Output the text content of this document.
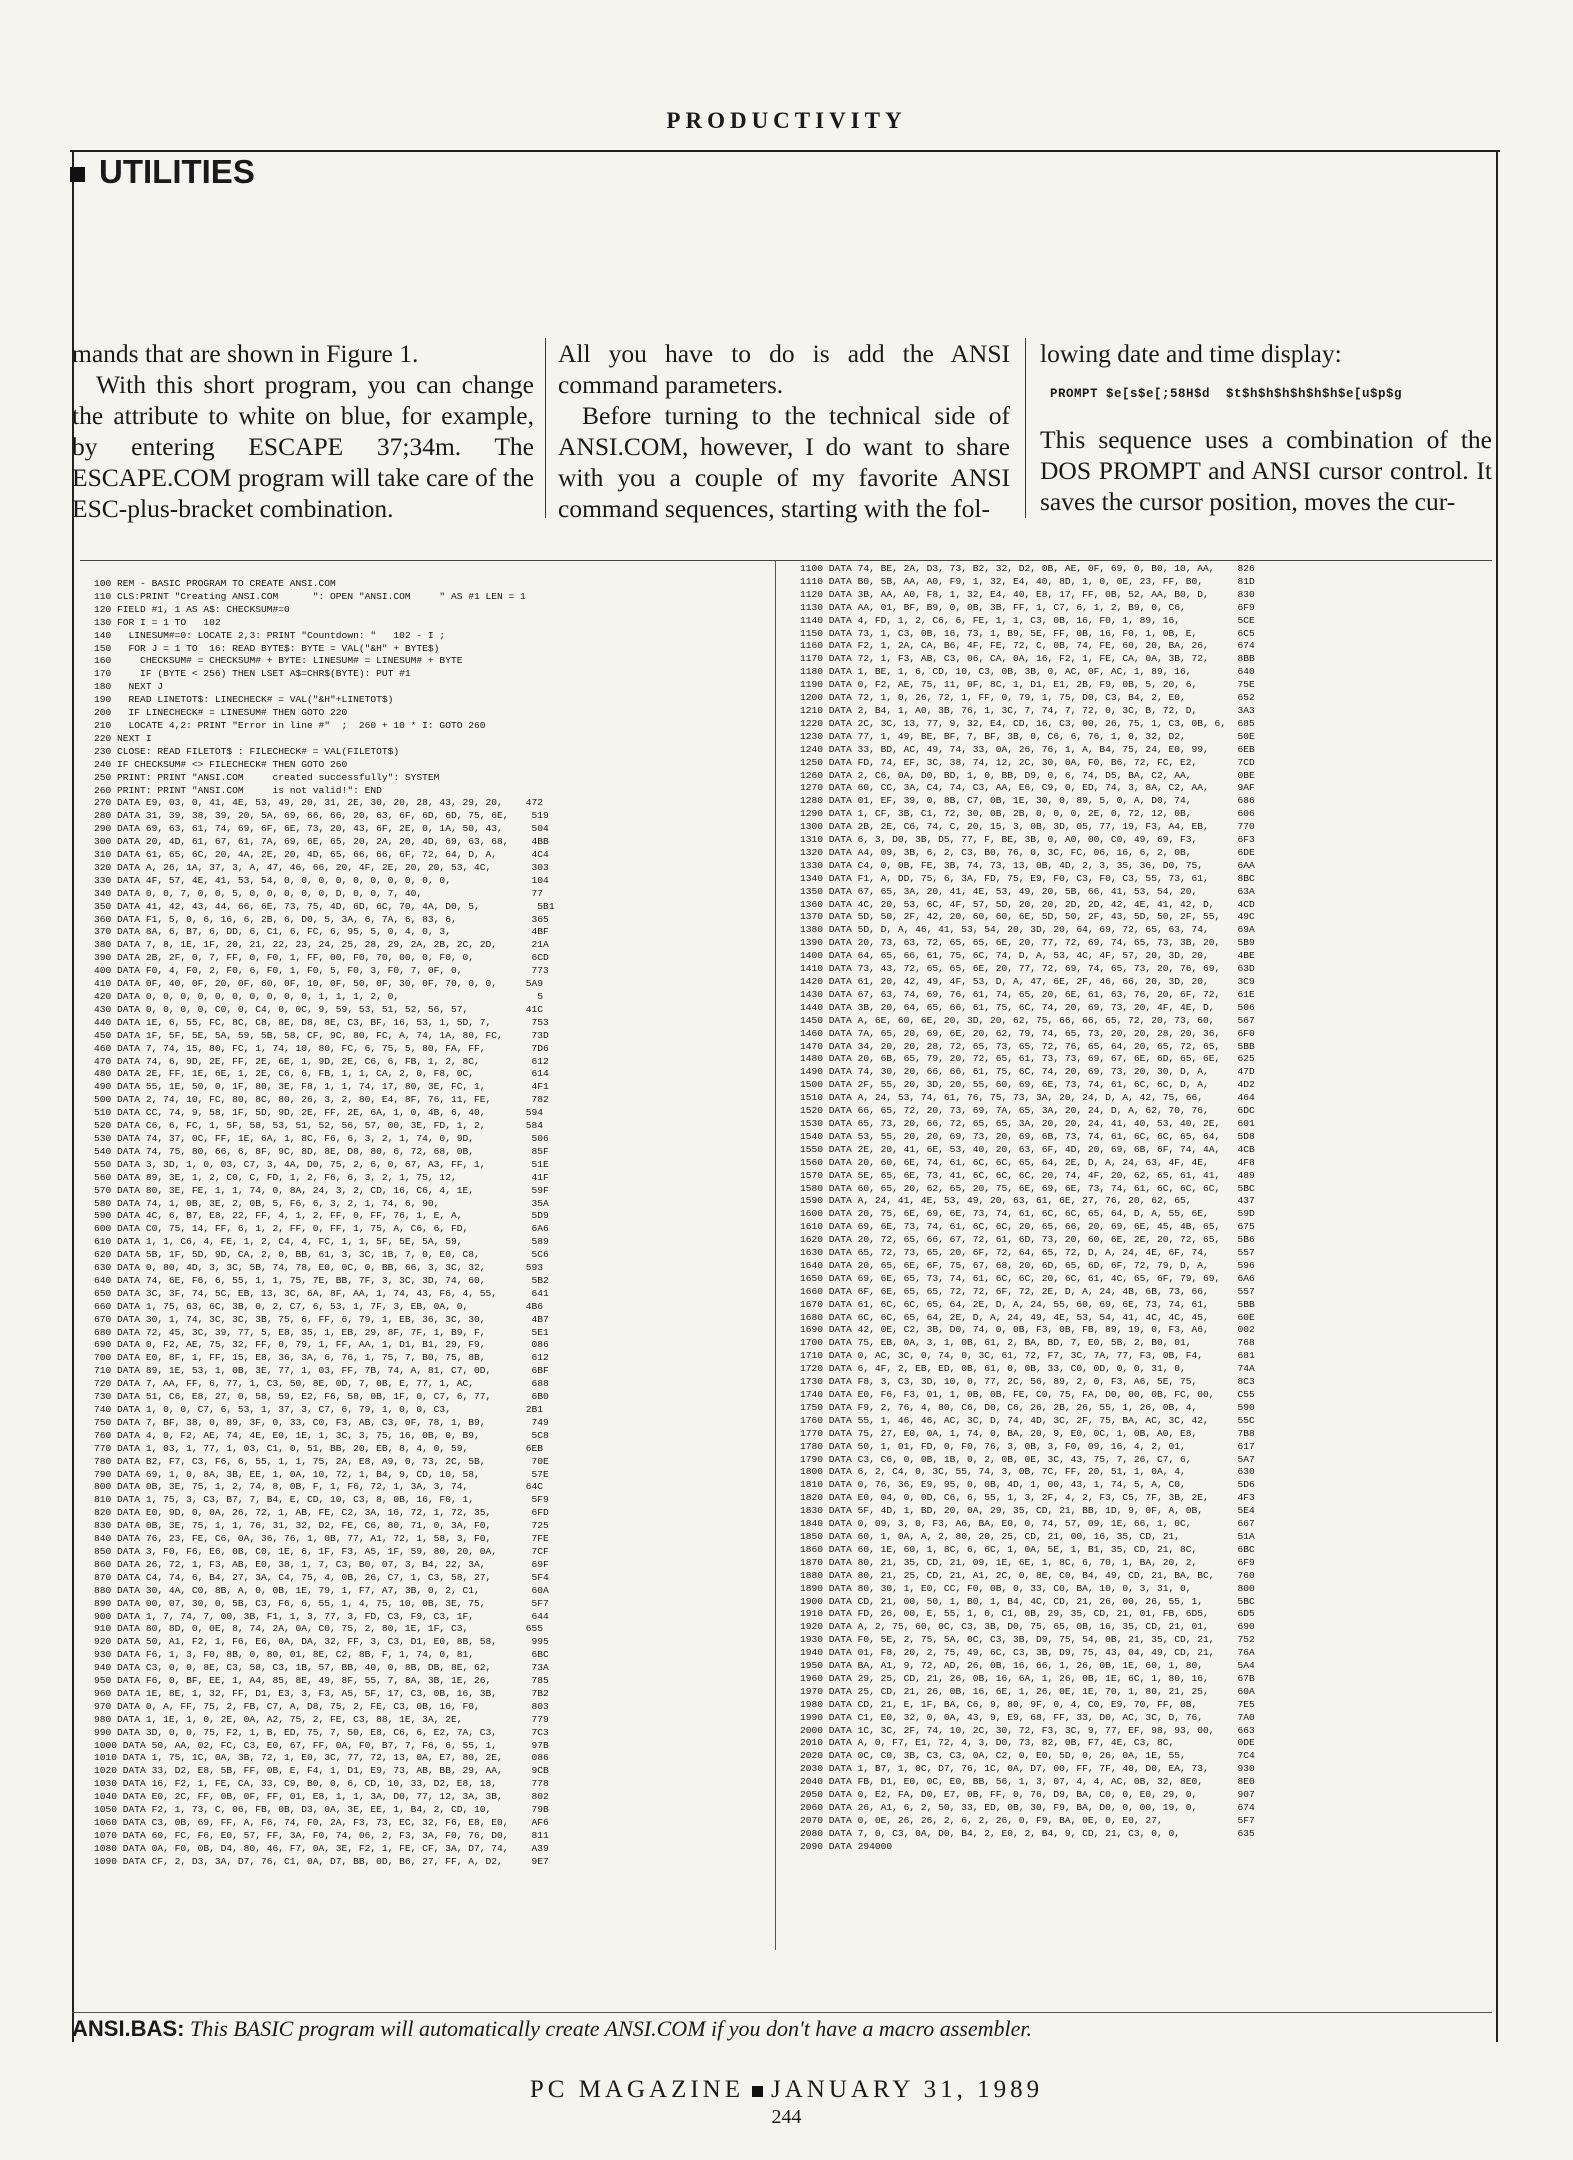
PRODUCTIVITY
UTILITIES

mands that are shown in Figure 1.

With this short program, you can change the attribute to white on blue, for example, by entering ESCAPE 37;34m. The ESCAPE.COM program will take care of the ESC-plus-bracket combination.

All you have to do is add the ANSI command parameters.

Before turning to the technical side of ANSI.COM, however, I do want to share with you a couple of my favorite ANSI command sequences, starting with the fol-

lowing date and time display:

PROMPT $e[s$e[;58H$d  $t$h$h$h$h$h$h$e[u$p$g

This sequence uses a combination of the DOS PROMPT and ANSI cursor control. It saves the cursor position, moves the cur-

100 REM - BASIC PROGRAM TO CREATE ANSI.COM
110 CLS:PRINT "Creating ANSI.COM      ": OPEN "ANSI.COM     " AS #1 LEN = 1
120 FIELD #1, 1 AS A$: CHECKSUM#=0
130 FOR I = 1 TO   102
140   LINESUM#=0: LOCATE 2,3: PRINT "Countdown: "   102 - I ;
150   FOR J = 1 TO  16: READ BYTE$: BYTE = VAL("&H" + BYTE$)
160     CHECKSUM# = CHECKSUM# + BYTE: LINESUM# = LINESUM# + BYTE
170     IF (BYTE < 256) THEN LSET A$=CHR$(BYTE): PUT #1
180   NEXT J
190   READ LINETOT$: LINECHECK# = VAL("&H"+LINETOT$)
200   IF LINECHECK# = LINESUM# THEN GOTO 220
210   LOCATE 4,2: PRINT "Error in line #"  ;  260 + 10 * I: GOTO 260
220 NEXT I
230 CLOSE: READ FILETOT$ : FILECHECK# = VAL(FILETOT$)
240 IF CHECKSUM# <> FILECHECK# THEN GOTO 260
250 PRINT: PRINT "ANSI.COM     created successfully": SYSTEM
260 PRINT: PRINT "ANSI.COM     is not valid!": END
270 DATA E9, 03, 0, 41, 4E, 53, 49, 20, 31, 2E, 30, 20, 28, 43, 29, 20,    472
280 DATA 31, 39, 38, 39, 20, 5A, 69, 66, 66, 20, 63, 6F, 6D, 6D, 75, 6E,    519
290 DATA 69, 63, 61, 74, 69, 6F, 6E, 73, 20, 43, 6F, 2E, 0, 1A, 50, 43,     504
300 DATA 20, 4D, 61, 67, 61, 7A, 69, 6E, 65, 20, 2A, 20, 4D, 69, 63, 68,    4BB
310 DATA 61, 65, 6C, 20, 4A, 2E, 20, 4D, 65, 66, 66, 6F, 72, 64, D, A,      4C4
320 DATA A, 26, 1A, 37, 3, A, 47, 46, 66, 20, 4F, 2E, 20, 20, 53, 4C,       303
330 DATA 4F, 57, 4E, 41, 53, 54, 0, 0, 0, 0, 0, 0, 0, 0, 0, 0,              104
340 DATA 0, 0, 7, 0, 0, 5, 0, 0, 0, 0, 0, D, 0, 0, 7, 40,                   77
350 DATA 41, 42, 43, 44, 66, 6E, 73, 75, 4D, 6D, 6C, 70, 4A, D0, 5,          5B1
360 DATA F1, 5, 0, 6, 16, 6, 2B, 6, D0, 5, 3A, 6, 7A, 6, 83, 6,             365
370 DATA 8A, 6, B7, 6, DD, 6, C1, 6, FC, 6, 95, 5, 0, 4, 0, 3,              4BF
380 DATA 7, 8, 1E, 1F, 20, 21, 22, 23, 24, 25, 28, 29, 2A, 2B, 2C, 2D,      21A
390 DATA 2B, 2F, 0, 7, FF, 0, F0, 1, FF, 00, F0, 70, 00, 0, F0, 0,          6CD
400 DATA F0, 4, F0, 2, F0, 6, F0, 1, F0, 5, F0, 3, F0, 7, 0F, 0,            773
410 DATA 0F, 40, 0F, 20, 0F, 60, 0F, 10, 0F, 50, 0F, 30, 0F, 70, 0, 0,     5A9
420 DATA 0, 0, 0, 0, 0, 0, 0, 0, 0, 0, 1, 1, 1, 2, 0,                        5
430 DATA 0, 0, 0, 0, C0, 0, C4, 0, 0C, 9, 59, 53, 51, 52, 56, 57,          41C
440 DATA 1E, 6, 55, FC, 8C, C8, 8E, D8, 8E, C3, BF, 16, 53, 1, 5D, 7,       753
450 DATA 1F, 5F, 5E, 5A, 59, 5B, 58, CF, 9C, 80, FC, A, 74, 1A, 80, FC,     73D
460 DATA 7, 74, 15, 80, FC, 1, 74, 10, 80, FC, 6, 75, 5, 80, FA, FF,        7D6
470 DATA 74, 6, 9D, 2E, FF, 2E, 6E, 1, 9D, 2E, C6, 6, FB, 1, 2, 8C,         612
480 DATA 2E, FF, 1E, 6E, 1, 2E, C6, 6, FB, 1, 1, CA, 2, 0, F8, 0C,          614
490 DATA 55, 1E, 50, 0, 1F, 80, 3E, F8, 1, 1, 74, 17, 80, 3E, FC, 1,        4F1
500 DATA 2, 74, 10, FC, 80, 8C, 80, 26, 3, 2, 80, E4, 8F, 76, 11, FE,       782
510 DATA CC, 74, 9, 58, 1F, 5D, 9D, 2E, FF, 2E, 6A, 1, 0, 4B, 6, 40,       594
520 DATA C6, 6, FC, 1, 5F, 58, 53, 51, 52, 56, 57, 00, 3E, FD, 1, 2,       584
530 DATA 74, 37, 0C, FF, 1E, 6A, 1, 8C, F6, 6, 3, 2, 1, 74, 0, 9D,          506
540 DATA 74, 75, 80, 66, 6, 8F, 9C, 8D, 8E, D8, 80, 6, 72, 68, 0B,          85F
550 DATA 3, 3D, 1, 0, 03, C7, 3, 4A, D0, 75, 2, 6, 0, 67, A3, FF, 1,        51E
560 DATA 89, 3E, 1, 2, C0, C, FD, 1, 2, F6, 6, 3, 2, 1, 75, 12,             41F
570 DATA 80, 3E, FE, 1, 1, 74, 0, 8A, 24, 3, 2, CD, 16, C6, 4, 1E,          59F
580 DATA 74, 1, 0B, 3E, 2, 0B, 5, F6, 6, 3, 2, 1, 74, 6, 90,                35A
590 DATA 4C, 6, B7, E8, 22, FF, 4, 1, 2, FF, 0, FF, 76, 1, E, A,            5D9
600 DATA C0, 75, 14, FF, 6, 1, 2, FF, 0, FF, 1, 75, A, C6, 6, FD,           6A6
610 DATA 1, 1, C6, 4, FE, 1, 2, C4, 4, FC, 1, 1, 5F, 5E, 5A, 59,            589
620 DATA 5B, 1F, 5D, 9D, CA, 2, 0, BB, 61, 3, 3C, 1B, 7, 0, E0, C8,         5C6
630 DATA 0, 80, 4D, 3, 3C, 5B, 74, 78, E0, 0C, 0, BB, 66, 3, 3C, 32,       593
640 DATA 74, 6E, F6, 6, 55, 1, 1, 75, 7E, BB, 7F, 3, 3C, 3D, 74, 60,        5B2
650 DATA 3C, 3F, 74, 5C, EB, 13, 3C, 6A, 8F, AA, 1, 74, 43, F6, 4, 55,      641
660 DATA 1, 75, 63, 6C, 3B, 0, 2, C7, 6, 53, 1, 7F, 3, EB, 0A, 0,          4B6
670 DATA 30, 1, 74, 3C, 3C, 3B, 75, 6, FF, 6, 79, 1, EB, 36, 3C, 30,        4B7
680 DATA 72, 45, 3C, 39, 77, 5, E8, 35, 1, EB, 29, 8F, 7F, 1, B9, F,        5E1
690 DATA 0, F2, AE, 75, 32, FF, 0, 79, 1, FF, AA, 1, D1, B1, 29, F9,        086
700 DATA E0, 8F, 1, FF, 15, E8, 36, 3A, 6, 76, 1, 75, 7, B0, 75, 8B,        612
710 DATA 89, 1E, 53, 1, 0B, 3E, 77, 1, 03, FF, 7B, 74, A, 81, C7, 0D,       6BF
720 DATA 7, AA, FF, 6, 77, 1, C3, 50, 8E, 0D, 7, 0B, E, 77, 1, AC,          688
730 DATA 51, C6, E8, 27, 0, 58, 59, E2, F6, 58, 0B, 1F, 0, C7, 6, 77,       6B0
740 DATA 1, 0, 0, C7, 6, 53, 1, 37, 3, C7, 6, 79, 1, 0, 0, C3,             2B1
750 DATA 7, BF, 38, 0, 89, 3F, 0, 33, C0, F3, AB, C3, 0F, 78, 1, B9,        749
760 DATA 4, 0, F2, AE, 74, 4E, E0, 1E, 1, 3C, 3, 75, 16, 0B, 0, B9,         5C8
770 DATA 1, 03, 1, 77, 1, 03, C1, 0, 51, BB, 20, EB, 8, 4, 0, 59,          6EB
780 DATA B2, F7, C3, F6, 6, 55, 1, 1, 75, 2A, E8, A9, 0, 73, 2C, 5B,        70E
790 DATA 69, 1, 0, 8A, 3B, EE, 1, 0A, 10, 72, 1, B4, 9, CD, 10, 58,         57E
800 DATA 0B, 3E, 75, 1, 2, 74, 8, 0B, F, 1, F6, 72, 1, 3A, 3, 74,          64C
810 DATA 1, 75, 3, C3, B7, 7, B4, E, CD, 10, C3, 8, 0B, 16, F0, 1,          5F9
820 DATA E0, 9D, 0, 0A, 26, 72, 1, AB, FE, C2, 3A, 16, 72, 1, 72, 35,       6FD
830 DATA 0B, 3E, 75, 1, 1, 76, 31, 32, D2, FE, C6, 80, 71, 0, 3A, F0,       725
840 DATA 76, 23, FE, C6, 0A, 36, 76, 1, 0B, 77, A1, 72, 1, 58, 3, F0,       7FE
850 DATA 3, F0, F6, E6, 0B, C0, 1E, 6, 1F, F3, A5, 1F, 59, 80, 20, 0A,      7CF
860 DATA 26, 72, 1, F3, AB, E0, 38, 1, 7, C3, B0, 07, 3, B4, 22, 3A,        69F
870 DATA C4, 74, 6, B4, 27, 3A, C4, 75, 4, 0B, 26, C7, 1, C3, 58, 27,       5F4
880 DATA 30, 4A, C0, 8B, A, 0, 0B, 1E, 79, 1, F7, A7, 3B, 0, 2, C1,         60A
890 DATA 00, 07, 30, 0, 5B, C3, F6, 6, 55, 1, 4, 75, 10, 0B, 3E, 75,        5F7
900 DATA 1, 7, 74, 7, 00, 3B, F1, 1, 3, 77, 3, FD, C3, F9, C3, 1F,          644
910 DATA 80, 8D, 0, 0E, 8, 74, 2A, 0A, C0, 75, 2, 80, 1E, 1F, C3,          655
920 DATA 50, A1, F2, 1, F6, E6, 0A, DA, 32, FF, 3, C3, D1, E0, 8B, 58,      995
930 DATA F6, 1, 3, F0, 8B, 0, 80, 01, 8E, C2, 8B, F, 1, 74, 0, 81,          6BC
940 DATA C3, 0, 0, 8E, C3, 58, C3, 1B, 57, BB, 40, 0, 8B, DB, 8E, 62,       73A
950 DATA F6, 0, BF, EE, 1, A4, 85, 8E, 49, 8F, 55, 7, 8A, 3B, 1E, 26,       785
960 DATA 1E, 8E, 1, 32, FF, D1, E3, 3, F3, A5, 5F, 17, C3, 0B, 16, 3B,      7B2
970 DATA 0, A, FF, 75, 2, FB, C7, A, D8, 75, 2, FE, C3, 0B, 16, F0,         803
980 DATA 1, 1E, 1, 0, 2E, 0A, A2, 75, 2, FE, C3, 88, 1E, 3A, 2E,            779
990 DATA 3D, 0, 0, 75, F2, 1, B, ED, 75, 7, 50, E8, C6, 6, E2, 7A, C3,      7C3
1000 DATA 50, AA, 02, FC, C3, E0, 67, FF, 0A, F0, B7, 7, F6, 6, 55, 1,      97B
1010 DATA 1, 75, 1C, 0A, 3B, 72, 1, E0, 3C, 77, 72, 13, 0A, E7, 80, 2E,     086
1020 DATA 33, D2, E8, 5B, FF, 0B, E, F4, 1, D1, E9, 73, AB, BB, 29, AA,     9CB
1030 DATA 16, F2, 1, FE, CA, 33, C9, B0, 0, 6, CD, 10, 33, D2, E8, 18,      778
1040 DATA E0, 2C, FF, 0B, 0F, FF, 01, E8, 1, 1, 3A, D0, 77, 12, 3A, 3B,     802
1050 DATA F2, 1, 73, C, 06, FB, 0B, D3, 0A, 3E, EE, 1, B4, 2, CD, 10,       79B
1060 DATA C3, 0B, 69, FF, A, F6, 74, F0, 2A, F3, 73, EC, 32, F6, E8, E0,    AF6
1070 DATA 60, FC, F6, E0, 57, FF, 3A, F0, 74, 06, 2, F3, 3A, F0, 76, D0,    811
1080 DATA 0A, F0, 0B, D4, 80, 46, F7, 0A, 3E, F2, 1, FE, CF, 3A, D7, 74,    A39
1090 DATA CF, 2, D3, 3A, D7, 76, C1, 0A, D7, BB, 0D, B6, 27, FF, A, D2,     9E7
1100 DATA 74, BE, 2A, D3, 73, B2, 32, D2, 0B, AE, 0F, 69, 0, B0, 10, AA,    826
1110 DATA B0, 5B, AA, A0, F9, 1, 32, E4, 40, 8D, 1, 0, 0E, 23, FF, B0,      81D
1120 DATA 3B, AA, A0, F8, 1, 32, E4, 40, E8, 17, FF, 0B, 52, AA, B0, D,     830
1130 DATA AA, 01, BF, B9, 0, 0B, 3B, FF, 1, C7, 6, 1, 2, B9, 0, C6,         6F9
1140 DATA 4, FD, 1, 2, C6, 6, FE, 1, 1, C3, 0B, 16, F0, 1, 89, 16,          5CE
1150 DATA 73, 1, C3, 0B, 16, 73, 1, B9, 5E, FF, 0B, 16, F0, 1, 0B, E,       6C5
1160 DATA F2, 1, 2A, CA, B6, 4F, FE, 72, C, 0B, 74, FE, 60, 20, BA, 26,     674
1170 DATA 72, 1, F3, AB, C3, 06, CA, 0A, 16, F2, 1, FE, CA, 0A, 3B, 72,     8BB
1180 DATA 1, BE, 1, 6, CD, 10, C3, 0B, 3B, 0, AC, 0F, AC, 1, 89, 16,        640
1190 DATA 0, F2, AE, 75, 11, 0F, 8C, 1, D1, E1, 2B, F9, 0B, 5, 20, 6,       75E
1200 DATA 72, 1, 0, 26, 72, 1, FF, 0, 79, 1, 75, D0, C3, B4, 2, E0,         652
1210 DATA 2, B4, 1, A0, 3B, 76, 1, 3C, 7, 74, 7, 72, 0, 3C, B, 72, D,       3A3
1220 DATA 2C, 3C, 13, 77, 9, 32, E4, CD, 16, C3, 00, 26, 75, 1, C3, 0B, 6,  685
1230 DATA 77, 1, 49, BE, BF, 7, BF, 3B, 0, C6, 6, 76, 1, 0, 32, D2,         50E
1240 DATA 33, BD, AC, 49, 74, 33, 0A, 26, 76, 1, A, B4, 75, 24, E0, 99,     6EB
1250 DATA FD, 74, EF, 3C, 38, 74, 12, 2C, 30, 0A, F0, B6, 72, FC, E2,       7CD
1260 DATA 2, C6, 0A, D0, BD, 1, 0, BB, D9, 0, 6, 74, D5, BA, C2, AA,        0BE
1270 DATA 60, CC, 3A, C4, 74, C3, AA, E6, C9, 0, ED, 74, 3, 8A, C2, AA,     9AF
1280 DATA 01, EF, 39, 0, 8B, C7, 0B, 1E, 30, 0, 89, 5, 0, A, D0, 74,        686
1290 DATA 1, CF, 3B, C1, 72, 30, 0B, 2B, 0, 0, 0, 2E, 0, 72, 12, 0B,        606
1300 DATA 2B, 2E, C6, 74, C, 20, 15, 3, 0B, 3D, 05, 77, 19, F3, A4, EB,     770
1310 DATA 6, 3, D0, 3B, D5, 77, F, BE, 3B, 0, A0, 00, C0, 49, 69, F3,       6F3
1320 DATA A4, 09, 3B, 6, 2, C3, B0, 76, 0, 3C, FC, 06, 16, 6, 2, 0B,        6DE
1330 DATA C4, 0, 0B, FE, 3B, 74, 73, 13, 0B, 4D, 2, 3, 35, 36, D0, 75,      6AA
1340 DATA F1, A, DD, 75, 6, 3A, FD, 75, E9, F0, C3, F0, C3, 55, 73, 61,     8BC
1350 DATA 67, 65, 3A, 20, 41, 4E, 53, 49, 20, 5B, 66, 41, 53, 54, 20,       63A
1360 DATA 4C, 20, 53, 6C, 4F, 57, 5D, 20, 20, 2D, 2D, 42, 4E, 41, 42, D,    4CD
1370 DATA 5D, 50, 2F, 42, 20, 60, 60, 6E, 5D, 50, 2F, 43, 5D, 50, 2F, 55,   49C
1380 DATA 5D, D, A, 46, 41, 53, 54, 20, 3D, 20, 64, 69, 72, 65, 63, 74,     69A
1390 DATA 20, 73, 63, 72, 65, 65, 6E, 20, 77, 72, 69, 74, 65, 73, 3B, 20,   5B9
1400 DATA 64, 65, 66, 61, 75, 6C, 74, D, A, 53, 4C, 4F, 57, 20, 3D, 20,     4BE
1410 DATA 73, 43, 72, 65, 65, 6E, 20, 77, 72, 69, 74, 65, 73, 20, 76, 69,   63D
1420 DATA 61, 20, 42, 49, 4F, 53, D, A, 47, 6E, 2F, 46, 66, 20, 3D, 20,     3C9
1430 DATA 67, 63, 74, 69, 76, 61, 74, 65, 20, 6E, 61, 63, 76, 20, 6F, 72,   61E
1440 DATA 3B, 20, 64, 65, 66, 61, 75, 6C, 74, 20, 69, 73, 20, 4F, 4E, D,    506
1450 DATA A, 6E, 60, 6E, 20, 3D, 20, 62, 75, 66, 66, 65, 72, 20, 73, 60,    567
1460 DATA 7A, 65, 20, 69, 6E, 20, 62, 79, 74, 65, 73, 20, 20, 28, 20, 36,   6F0
1470 DATA 34, 20, 20, 28, 72, 65, 73, 65, 72, 76, 65, 64, 20, 65, 72, 65,   5BB
1480 DATA 20, 6B, 65, 79, 20, 72, 65, 61, 73, 73, 69, 67, 6E, 6D, 65, 6E,   625
1490 DATA 74, 30, 20, 66, 66, 61, 75, 6C, 74, 20, 69, 73, 20, 30, D, A,     47D
1500 DATA 2F, 55, 20, 3D, 20, 55, 60, 69, 6E, 73, 74, 61, 6C, 6C, D, A,     4D2
1510 DATA A, 24, 53, 74, 61, 76, 75, 73, 3A, 20, 24, D, A, 42, 75, 66,      464
1520 DATA 66, 65, 72, 20, 73, 69, 7A, 65, 3A, 20, 24, D, A, 62, 70, 76,     6DC
1530 DATA 65, 73, 20, 66, 72, 65, 65, 3A, 20, 20, 24, 41, 40, 53, 40, 2E,   601
1540 DATA 53, 55, 20, 20, 69, 73, 20, 69, 6B, 73, 74, 61, 6C, 6C, 65, 64,   5D8
1550 DATA 2E, 20, 41, 6E, 53, 40, 20, 63, 6F, 4D, 20, 69, 6B, 6F, 74, 4A,   4CB
1560 DATA 20, 60, 6E, 74, 61, 6C, 6C, 65, 64, 2E, D, A, 24, 63, 4F, 4E,     4F8
1570 DATA 5E, 65, 6E, 73, 41, 6C, 6C, 6C, 20, 74, 4F, 20, 62, 65, 61, 41,   489
1580 DATA 60, 65, 20, 62, 65, 20, 75, 6E, 69, 6E, 73, 74, 61, 6C, 6C, 6C,   5BC
1590 DATA A, 24, 41, 4E, 53, 49, 20, 63, 61, 6E, 27, 76, 20, 62, 65,        437
1600 DATA 20, 75, 6E, 69, 6E, 73, 74, 61, 6C, 6C, 65, 64, D, A, 55, 6E,     59D
1610 DATA 69, 6E, 73, 74, 61, 6C, 6C, 20, 65, 66, 20, 69, 6E, 45, 4B, 65,   675
1620 DATA 20, 72, 65, 66, 67, 72, 61, 6D, 73, 20, 60, 6E, 2E, 20, 72, 65,   5B6
1630 DATA 65, 72, 73, 65, 20, 6F, 72, 64, 65, 72, D, A, 24, 4E, 6F, 74,     557
1640 DATA 20, 65, 6E, 6F, 75, 67, 68, 20, 6D, 65, 6D, 6F, 72, 79, D, A,     596
1650 DATA 69, 6E, 65, 73, 74, 61, 6C, 6C, 20, 6C, 61, 4C, 65, 6F, 79, 69,   6A6
1660 DATA 6F, 6E, 65, 65, 72, 72, 6F, 72, 2E, D, A, 24, 4B, 6B, 73, 66,     557
1670 DATA 61, 6C, 6C, 65, 64, 2E, D, A, 24, 55, 60, 69, 6E, 73, 74, 61,     5BB
1680 DATA 6C, 6C, 65, 64, 2E, D, A, 24, 49, 4E, 53, 54, 41, 4C, 4C, 45,     60E
1690 DATA 42, 0E, C2, 3B, D0, 74, 0, 0B, F3, 0B, FB, 89, 19, 0, F3, A6,     002
1700 DATA 75, EB, 0A, 3, 1, 0B, 61, 2, BA, BD, 7, E0, 5B, 2, B0, 01,        768
1710 DATA 0, AC, 3C, 0, 74, 0, 3C, 61, 72, F7, 3C, 7A, 77, F3, 0B, F4,      681
1720 DATA 6, 4F, 2, EB, ED, 0B, 61, 0, 0B, 33, C0, 0D, 0, 0, 31, 0,         74A
1730 DATA F8, 3, C3, 3D, 10, 0, 77, 2C, 56, 89, 2, 0, F3, A6, 5E, 75,       8C3
1740 DATA E0, F6, F3, 01, 1, 0B, 0B, FE, C0, 75, FA, D0, 00, 0B, FC, 00,    C55
1750 DATA F9, 2, 76, 4, 80, C6, D0, C6, 26, 2B, 26, 55, 1, 26, 0B, 4,       590
1760 DATA 55, 1, 46, 46, AC, 3C, D, 74, 4D, 3C, 2F, 75, BA, AC, 3C, 42,     55C
1770 DATA 75, 27, E0, 0A, 1, 74, 0, BA, 20, 9, E0, 0C, 1, 0B, A0, E8,       7B8
1780 DATA 50, 1, 01, FD, 0, F0, 76, 3, 0B, 3, F0, 09, 16, 4, 2, 01,         617
1790 DATA C3, C6, 0, 0B, 1B, 0, 2, 0B, 0E, 3C, 43, 75, 7, 26, C7, 6,        5A7
1800 DATA 6, 2, C4, 0, 3C, 55, 74, 3, 0B, 7C, FF, 20, 51, 1, 0A, 4,         630
1810 DATA 0, 76, 36, E9, 95, 0, 0B, 4D, 1, 00, 43, 1, 74, 5, A, C0,         5D6
1820 DATA E0, 04, 0, 0D, C6, 6, 55, 1, 3, 2F, 4, 2, F3, C5, 7F, 3B, 2E,     4F3
1830 DATA 5F, 4D, 1, BD, 20, 0A, 29, 35, CD, 21, BB, 1D, 9, 0F, A, 0B,      5E4
1840 DATA 0, 09, 3, 0, F3, A6, BA, E0, 0, 74, 57, 09, 1E, 66, 1, 0C,        667
1850 DATA 60, 1, 0A, A, 2, 80, 20, 25, CD, 21, 00, 16, 35, CD, 21,          51A
1860 DATA 60, 1E, 60, 1, 8C, 6, 6C, 1, 0A, 5E, 1, B1, 35, CD, 21, 8C,       6BC
1870 DATA 80, 21, 35, CD, 21, 09, 1E, 6E, 1, 8C, 6, 70, 1, BA, 20, 2,       6F9
1880 DATA 80, 21, 25, CD, 21, A1, 2C, 0, 8E, C0, B4, 49, CD, 21, BA, BC,    760
1890 DATA 80, 30, 1, E0, CC, F0, 0B, 0, 33, C0, BA, 10, 0, 3, 31, 0,        800
1900 DATA CD, 21, 00, 50, 1, B0, 1, B4, 4C, CD, 21, 26, 00, 26, 55, 1,      5BC
1910 DATA FD, 26, 00, E, 55, 1, 0, C1, 0B, 29, 35, CD, 21, 01, FB, 6D5,     6D5
1920 DATA A, 2, 75, 60, 0C, C3, 3B, D0, 75, 65, 0B, 16, 35, CD, 21, 01,     690
1930 DATA F0, 5E, 2, 75, 5A, 0C, C3, 3B, D9, 75, 54, 0B, 21, 35, CD, 21,    752
1940 DATA 01, F8, 20, 2, 75, 49, 6C, C3, 3B, D9, 75, 43, 04, 49, CD, 21,    76A
1950 DATA BA, A1, 9, 72, AD, 26, 0B, 16, 66, 1, 26, 0B, 1E, 60, 1, 80,      5A4
1960 DATA 29, 25, CD, 21, 26, 0B, 16, 6A, 1, 26, 0B, 1E, 6C, 1, 80, 16,     67B
1970 DATA 25, CD, 21, 26, 0B, 16, 6E, 1, 26, 0E, 1E, 70, 1, 80, 21, 25,     60A
1980 DATA CD, 21, E, 1F, BA, C6, 9, 80, 9F, 0, 4, C0, E9, 70, FF, 0B,       7E5
1990 DATA C1, E0, 32, 0, 0A, 43, 9, E9, 68, FF, 33, D0, AC, 3C, D, 76,      7A0
2000 DATA 1C, 3C, 2F, 74, 10, 2C, 30, 72, F3, 3C, 9, 77, EF, 98, 93, 00,    663
2010 DATA A, 0, F7, E1, 72, 4, 3, D0, 73, 82, 0B, F7, 4E, C3, 8C,           0DE
2020 DATA 0C, C0, 3B, C3, C3, 0A, C2, 0, E0, 5D, 0, 26, 0A, 1E, 55,         7C4
2030 DATA 1, B7, 1, 0C, D7, 76, 1C, 0A, D7, 00, FF, 7F, 40, D0, EA, 73,     930
2040 DATA FB, D1, E0, 0C, E0, BB, 56, 1, 3, 07, 4, 4, AC, 0B, 32, 8E0,      8E0
2050 DATA 0, E2, FA, D0, E7, 0B, FF, 0, 76, D9, BA, C0, 0, E0, 29, 0,       907
2060 DATA 26, A1, 6, 2, 50, 33, ED, 0B, 30, F9, BA, D0, 0, 00, 19, 0,       674
2070 DATA 0, 0E, 26, 26, 2, 6, 2, 26, 0, F9, BA, 0E, 0, E0, 27,             5F7
2080 DATA 7, 0, C3, 0A, D0, B4, 2, E0, 2, B4, 9, CD, 21, C3, 0, 0,          635
2090 DATA 294000
ANSI.BAS: This BASIC program will automatically create ANSI.COM if you don't have a macro assembler.
PC MAGAZINE JANUARY 31, 1989
244
